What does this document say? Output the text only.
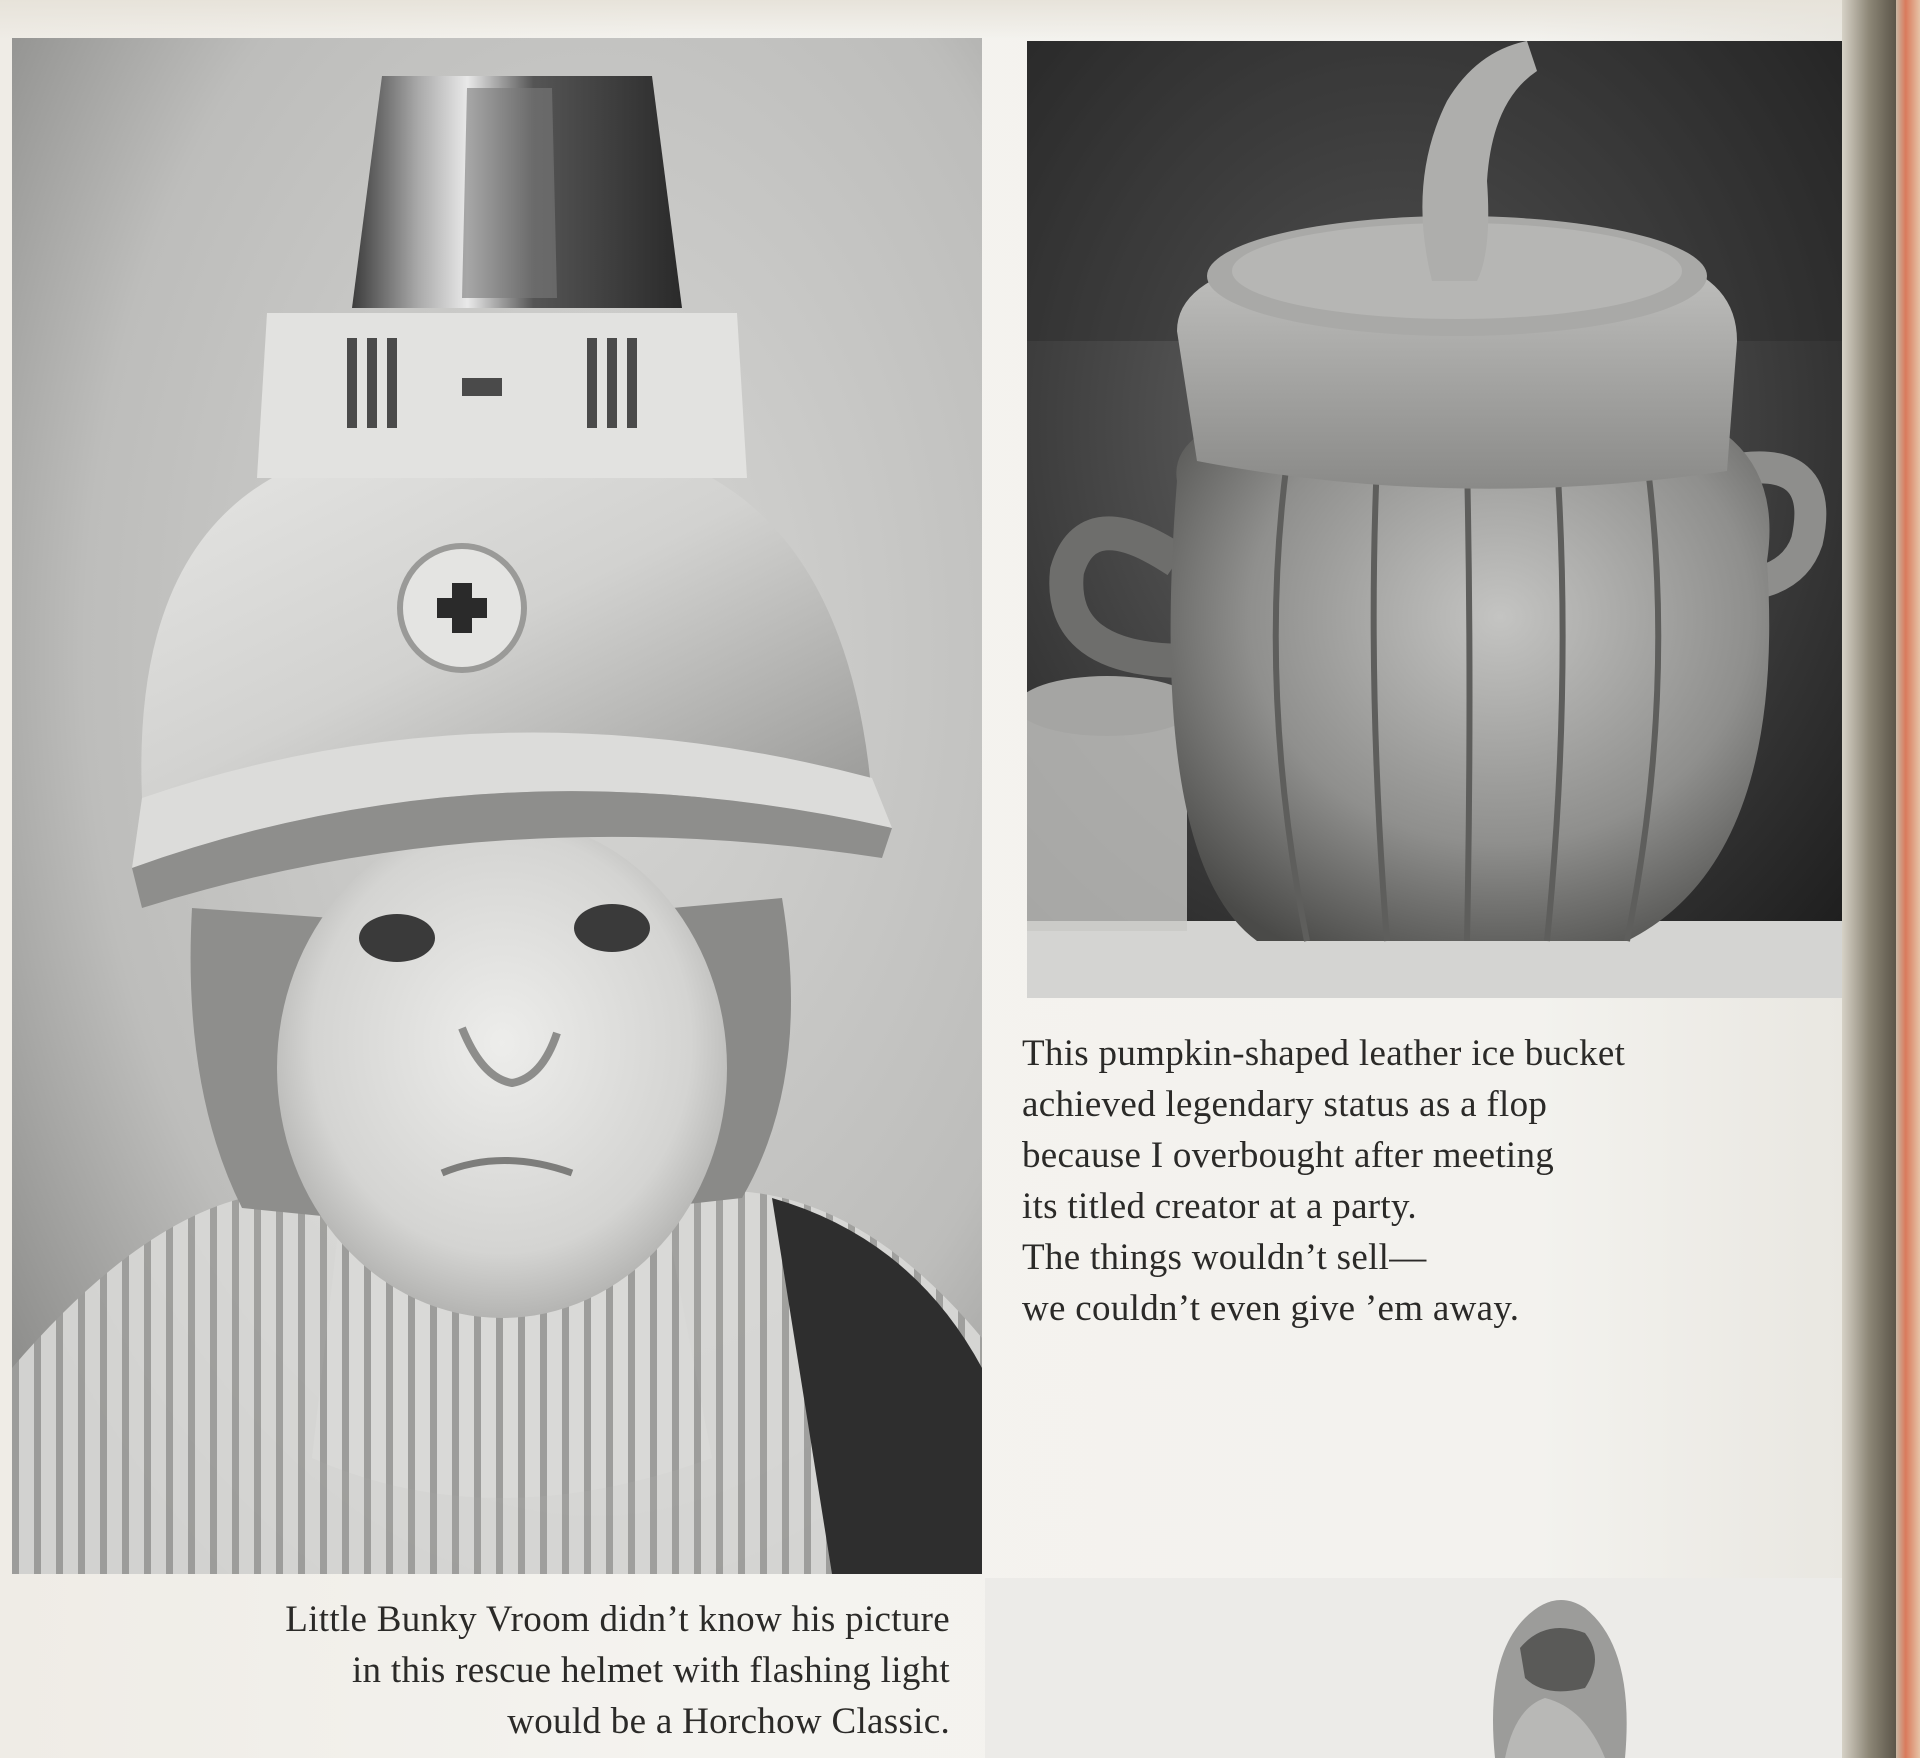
This pumpkin-shaped leather ice bucket

achieved legendary status as a flop

because I overbought after meeting

its titled creator at a party.

The things wouldn’t sell—

we couldn’t even give ’em away.

Little Bunky Vroom didn’t know his picture

in this rescue helmet with flashing light

would be a Horchow Classic.
